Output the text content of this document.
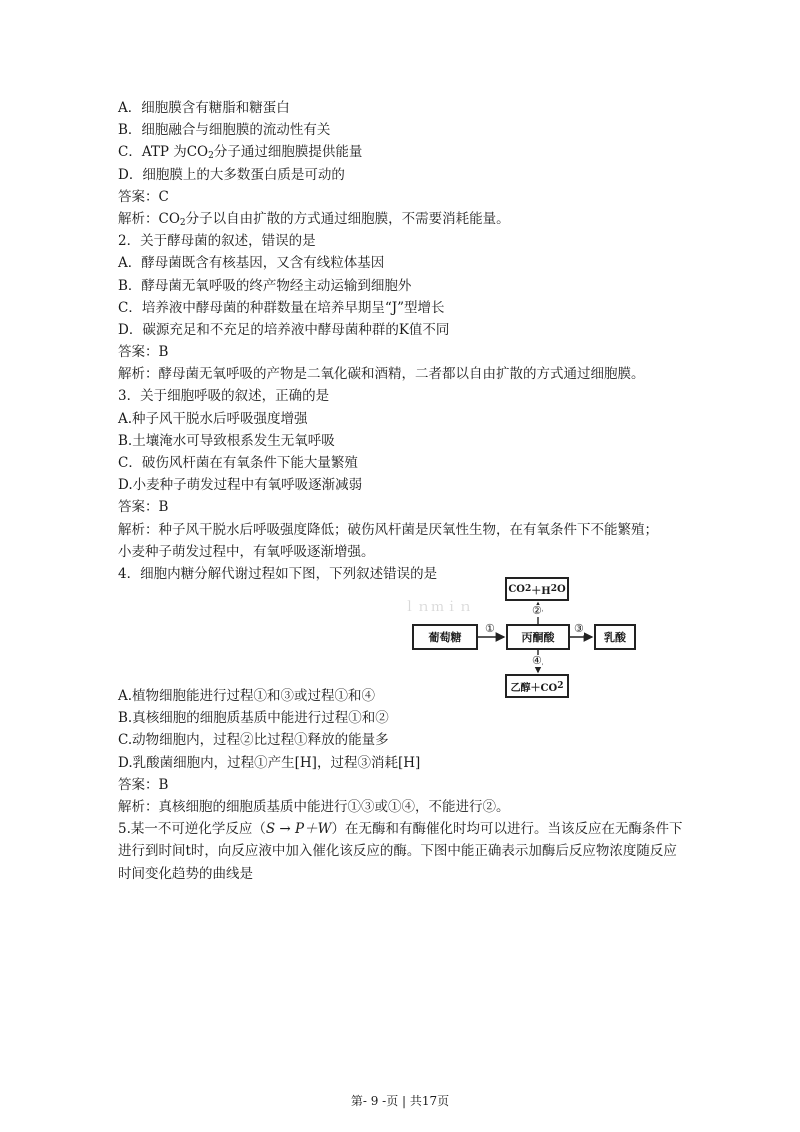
A．细胞膜含有糖脂和糖蛋白
B．细胞融合与细胞膜的流动性有关
C．ATP 为$CO_2$分子通过细胞膜提供能量
D．细胞膜上的大多数蛋白质是可动的
答案：C
解析：$CO_2$分子以自由扩散的方式通过细胞膜，不需要消耗能量。
2．关于酵母菌的叙述，错误的是
A．酵母菌既含有核基因，又含有线粒体基因
B．酵母菌无氧呼吸的终产物经主动运输到细胞外
C．培养液中酵母菌的种群数量在培养早期呈“J”型增长
D．碳源充足和不充足的培养液中酵母菌种群的K值不同
答案：B
解析：酵母菌无氧呼吸的产物是二氧化碳和酒精，二者都以自由扩散的方式通过细胞膜。
3．关于细胞呼吸的叙述，正确的是
A.种子风干脱水后呼吸强度增强
B.土壤淹水可导致根系发生无氧呼吸
C．破伤风杆菌在有氧条件下能大量繁殖
D.小麦种子萌发过程中有氧呼吸逐渐减弱
答案：B
解析：种子风干脱水后呼吸强度降低；破伤风杆菌是厌氧性生物，在有氧条件下不能繁殖；
小麦种子萌发过程中，有氧呼吸逐渐增强。
4．细胞内糖分解代谢过程如下图，下列叙述错误的是
ｌｎｍｉｎ
CO 2 ＋H 2 O
葡萄糖	丙酮酸	乳酸
乙醇＋CO 2
①
②
③
④
A.植物细胞能进行过程①和③或过程①和④
B.真核细胞的细胞质基质中能进行过程①和②
C.动物细胞内，过程②比过程①释放的能量多
D.乳酸菌细胞内，过程①产生[H]，过程③消耗[H]
答案：B
解析：真核细胞的细胞质基质中能进行①③或①④，不能进行②。
5.某一不可逆化学反应（S → P＋W）在无酶和有酶催化时均可以进行。当该反应在无酶条件下进行到时间t时，向反应液中加入催化该反应的酶。下图中能正确表示加酶后反应物浓度随反应时间变化趋势的曲线是
第- 9 -页 | 共17页
